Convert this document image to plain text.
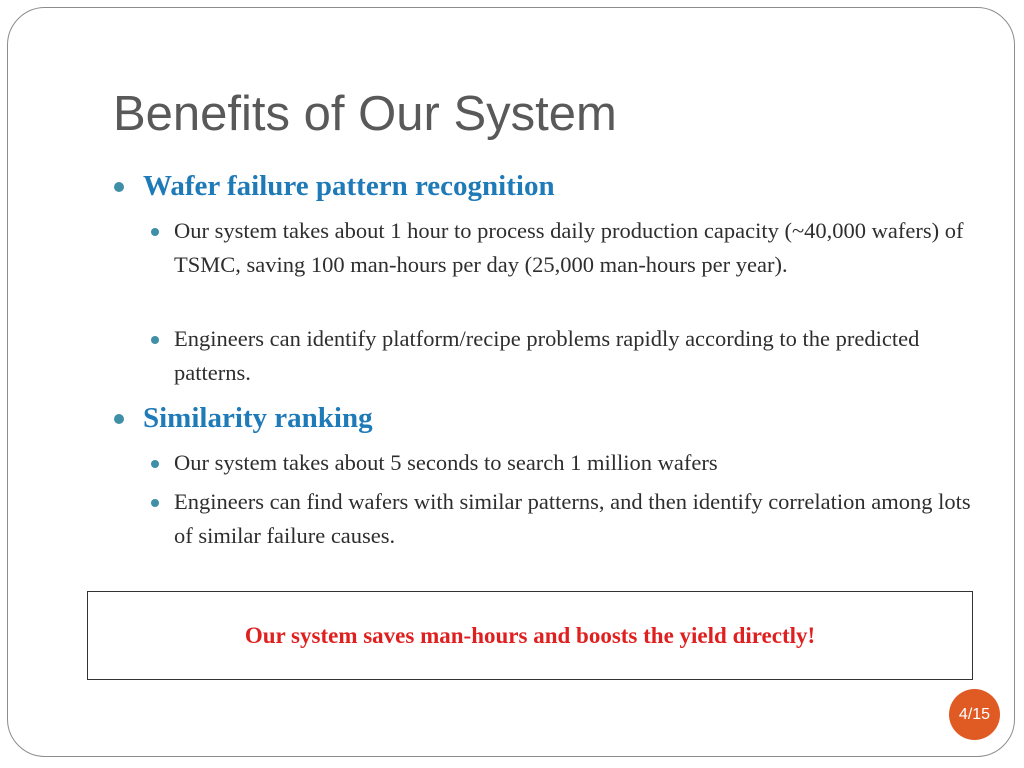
Benefits of Our System
Wafer failure pattern recognition
Our system takes about 1 hour to process daily production capacity (~40,000 wafers) of TSMC, saving 100 man-hours per day (25,000 man-hours per year).
Engineers can identify platform/recipe problems rapidly according to the predicted patterns.
Similarity ranking
Our system takes about 5 seconds to search 1 million wafers
Engineers can find wafers with similar patterns, and then identify correlation among lots of similar failure causes.
Our system saves man-hours and boosts the yield directly!
4/15
